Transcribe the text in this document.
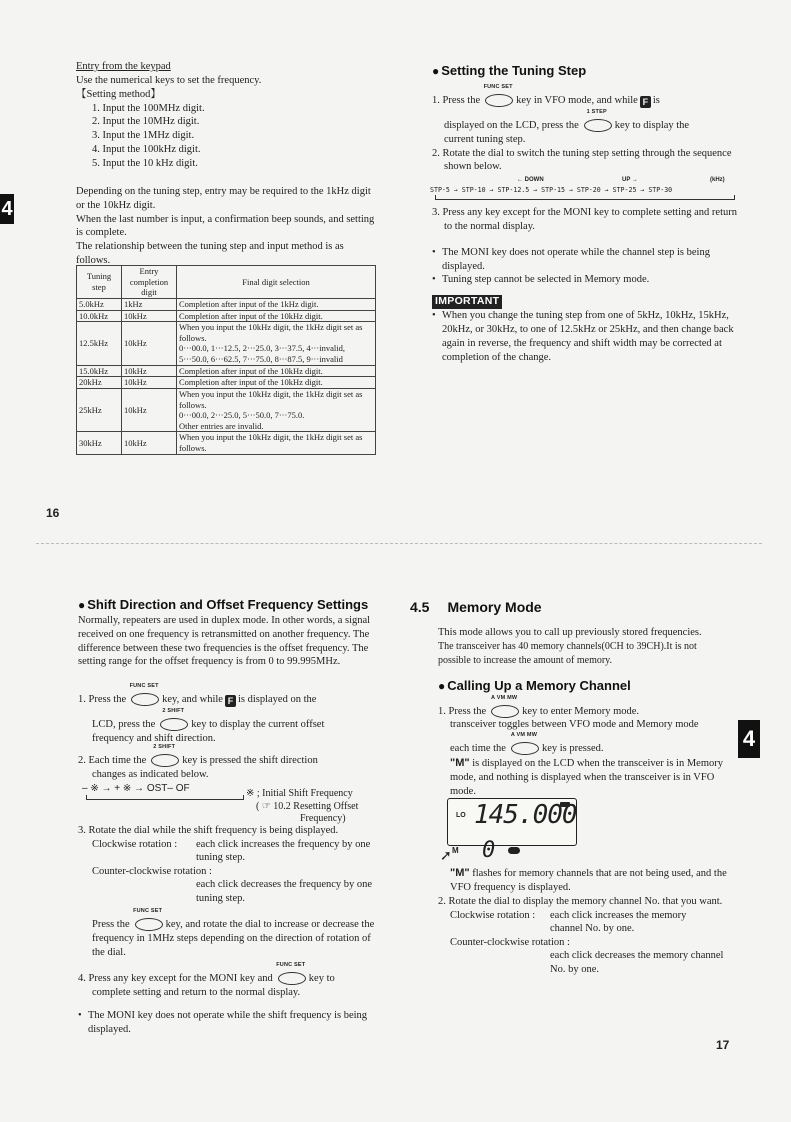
4

Entry from the keypad

Use the numerical keys to set the frequency.

【Setting method】

1. Input the 100MHz digit.
2. Input the 10MHz digit.
3. Input the 1MHz digit.
4. Input the 100kHz digit.
5. Input the 10 kHz digit.

Depending on the tuning step, entry may be required to the 1kHz digit or the 10kHz digit.

When the last number is input, a confirmation beep sounds, and setting is complete.

The relationship between the tuning step and input method is as follows.

Tuning step	Entry completion digit	Final digit selection
5.0kHz	1kHz	Completion after input of the 1kHz digit.
10.0kHz	10kHz	Completion after input of the 10kHz digit.
12.5kHz	10kHz	When you input the 10kHz digit, the 1kHz digit set as follows.
0···00.0, 1···12.5, 2···25.0, 3···37.5, 4···invalid,
5···50.0, 6···62.5, 7···75.0, 8···87.5, 9···invalid

15.0kHz	10kHz	Completion after input of the 10kHz digit.
20kHz	10kHz	Completion after input of the 10kHz digit.
25kHz	10kHz	When you input the 10kHz digit, the 1kHz digit set as follows.
0···00.0, 2···25.0, 5···50.0, 7···75.0.
Other entries are invalid.

30kHz	10kHz	When you input the 10kHz digit, the 1kHz digit set as follows.
● Setting the Tuning Step

1. Press the
FUNC SET
key in VFO mode, and while F is

displayed on the LCD, press the
1 STEP
key to display the

current tuning step.

2. Rotate the dial to switch the tuning step setting through the sequence shown below.

← DOWN	UP →	(kHz)
STP-5 → STP-10 → STP-12.5 → STP-15 → STP-20 → STP-25 → STP-30

3. Press any key except for the MONI key to complete setting and return to the normal display.

• The MONI key does not operate while the channel step is being displayed.

• Tuning step cannot be selected in Memory mode.

IMPORTANT

• When you change the tuning step from one of 5kHz, 10kHz, 15kHz, 20kHz, or 30kHz, to one of 12.5kHz or 25kHz, and then change back again in reverse, the frequency and shift width may be corrected at completion of the change.

16
● Shift Direction and Offset Frequency Settings

Normally, repeaters are used in duplex mode. In other words, a signal received on one frequency is retransmitted on another frequency. The difference between these two frequencies is the offset frequency. The setting range for the offset frequency is from 0 to 99.995MHz.

1. Press the
FUNC SET
key, and while F is displayed on the

LCD, press the
2 SHIFT
key to display the current offset

frequency and shift direction.

2. Each time the
2 SHIFT
key is pressed the shift direction

changes as indicated below.

– ※ → + ※ → OST– OF	※ ; Initial Shift Frequency
( ☞ 10.2 Resetting Offset
Frequency)

3. Rotate the dial while the shift frequency is being displayed.

Clockwise rotation : each click increases the frequency by one tuning step.

Counter-clockwise rotation :

each click decreases the frequency by one tuning step.

Press the
FUNC SET
key, and rotate the dial to increase or decrease the frequency in 1MHz steps depending on the direction of rotation of the dial.

4. Press any key except for the MONI key and
FUNC SET
key to

complete setting and return to the normal display.

• The MONI key does not operate while the shift frequency is being displayed.

4.5 Memory Mode

This mode allows you to call up previously stored frequencies.

The transceiver has 40 memory channels(0CH to 39CH).It is not possible to increase the amount of memory.

● Calling Up a Memory Channel

1. Press the
A VM MW
key to enter Memory mode.

transceiver toggles between VFO mode and Memory mode

each time the
A VM MW
key is pressed.

"M" is displayed on the LCD when the transceiver is in Memory mode, and nothing is displayed when the transceiver is in VFO mode.

LO 145.000
M 0
➚

"M" flashes for memory channels that are not being used, and the VFO frequency is displayed.

2. Rotate the dial to display the memory channel No. that you want.

Clockwise rotation : each click increases the memory channel No. by one.

Counter-clockwise rotation :

each click decreases the memory channel No. by one.

4
17
